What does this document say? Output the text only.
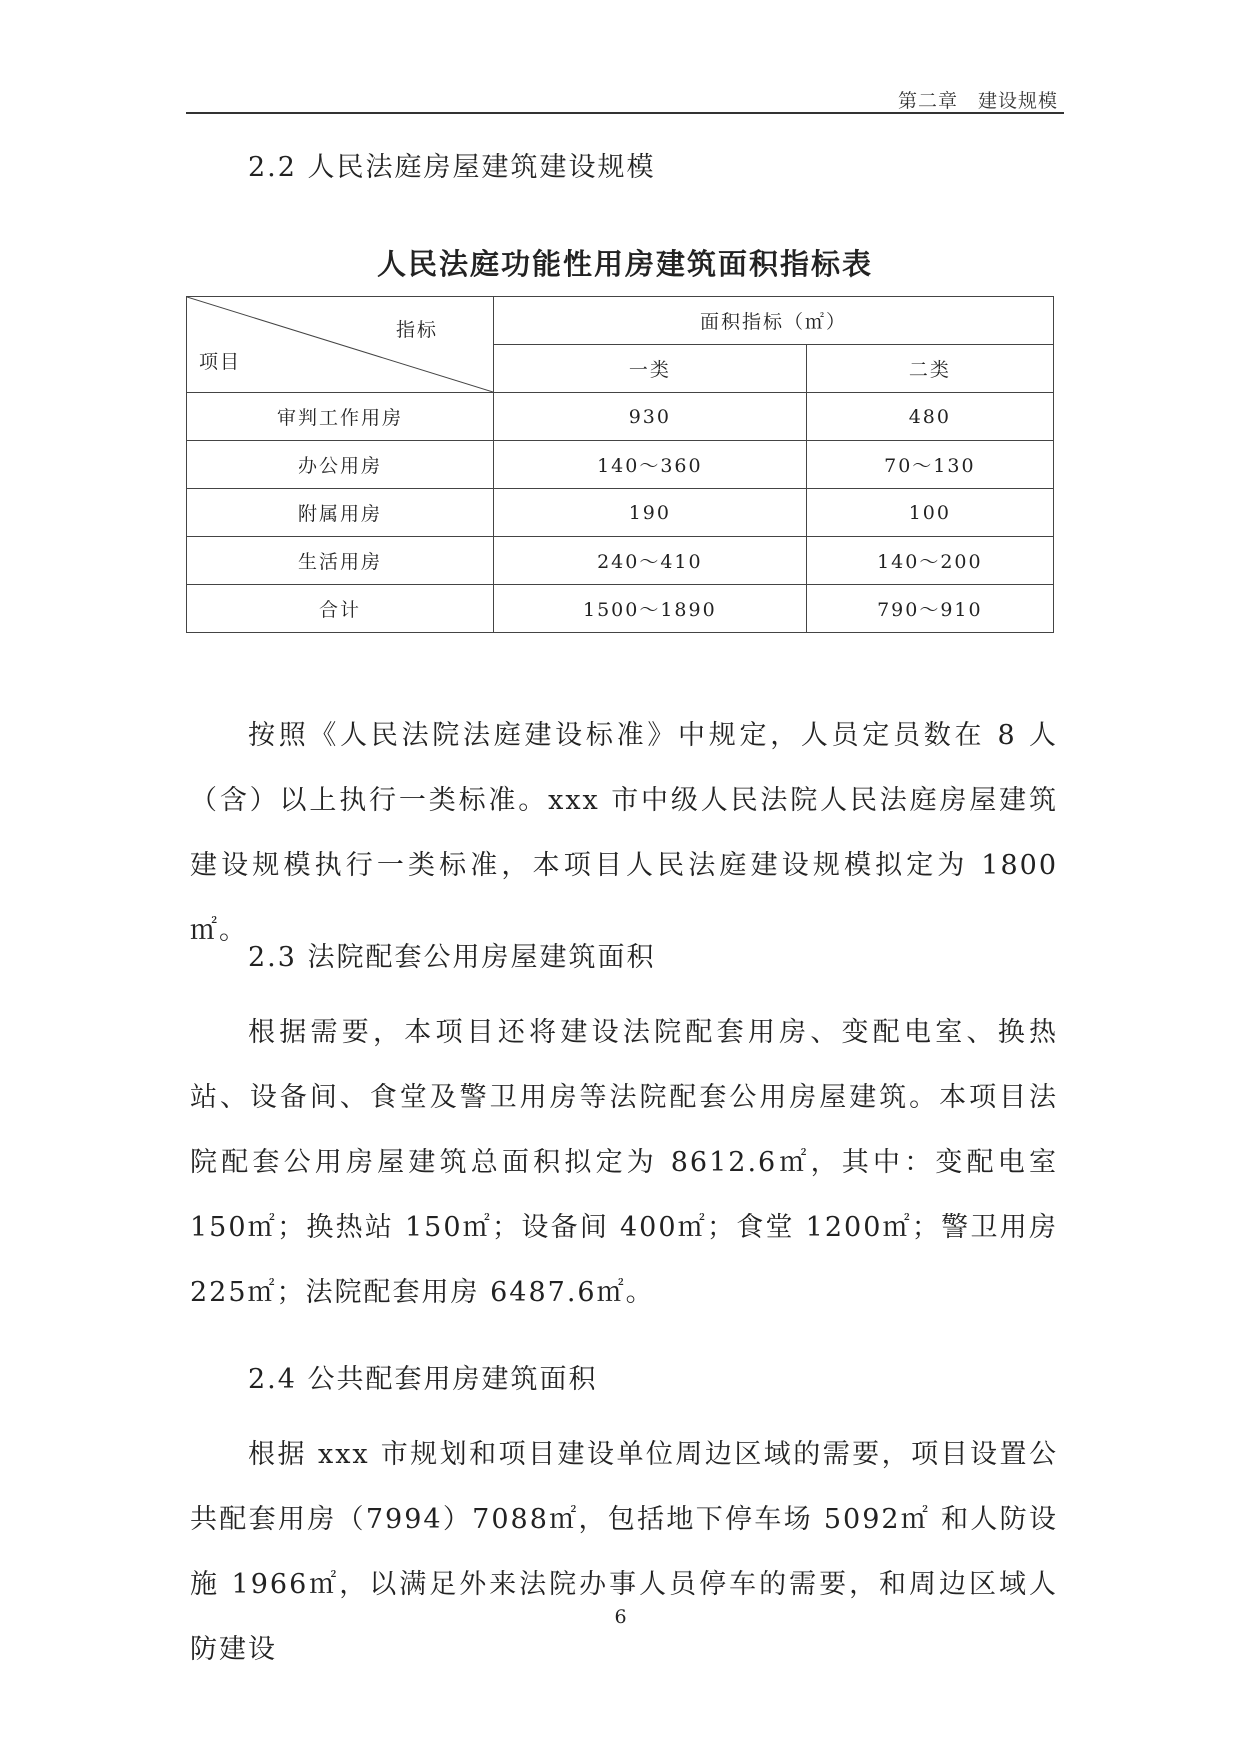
第二章　建设规模
2.2 人民法庭房屋建筑建设规模
人民法庭功能性用房建筑面积指标表
指标
项目	面积指标（㎡）	
	一类	二类
审判工作用房	930	480
办公用房	140～360	70～130
附属用房	190	100
生活用房	240～410	140～200
合计	1500～1890	790～910

按照《人民法院法庭建设标准》中规定，人员定员数在 8 人（含）以上执行一类标准。xxx 市中级人民法院人民法庭房屋建筑建设规模执行一类标准，本项目人民法庭建设规模拟定为 1800㎡。

2.3 法院配套公用房屋建筑面积

根据需要，本项目还将建设法院配套用房、变配电室、换热站、设备间、食堂及警卫用房等法院配套公用房屋建筑。本项目法院配套公用房屋建筑总面积拟定为 8612.6㎡，其中：变配电室 150㎡；换热站 150㎡；设备间 400㎡；食堂 1200㎡；警卫用房 225㎡；法院配套用房 6487.6㎡。

2.4 公共配套用房建筑面积

根据 xxx 市规划和项目建设单位周边区域的需要，项目设置公共配套用房（7994）7088㎡，包括地下停车场 5092㎡ 和人防设施 1966㎡，以满足外来法院办事人员停车的需要，和周边区域人防建设

6
